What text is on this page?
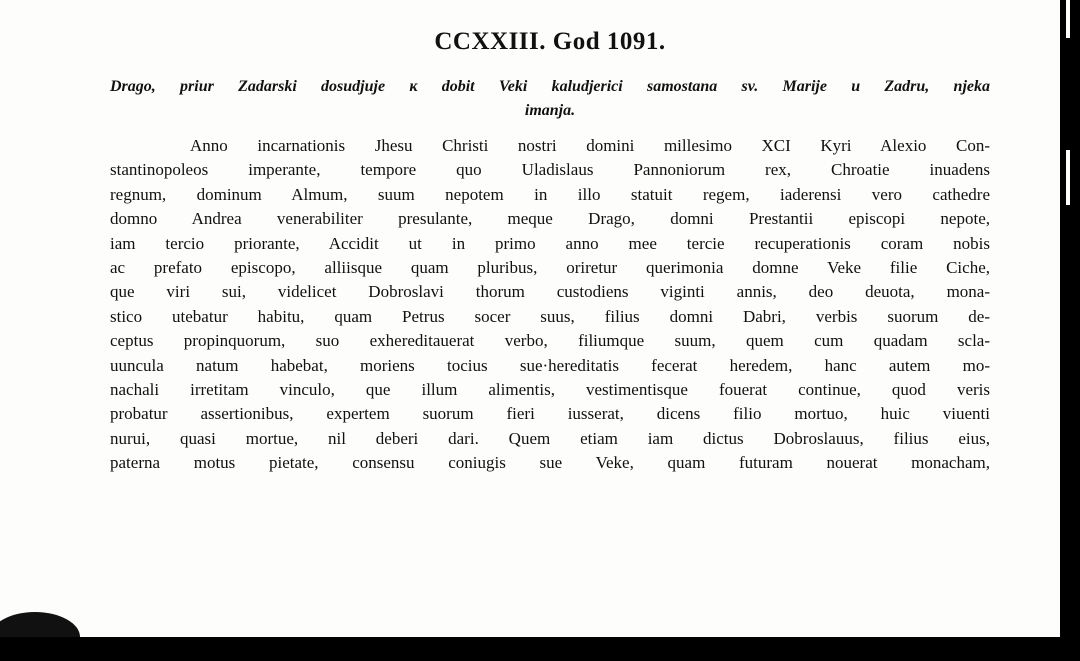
CCXXIII. God 1091.
Drago, priur Zadarski dosudjuje к dobit Veki kaludjerici samostana sv. Marije u Zadru, njeka
imanja.
Anno incarnationis Jhesu Christi nostri domini millesimo XCI Kyri Alexio Con-
stantinopoleos imperante, tempore quo Uladislaus Pannoniorum rex, Chroatie inuadens
regnum, dominum Almum, suum nepotem in illo statuit regem, iaderensi vero cathedre
domno Andrea venerabiliter presulante, meque Drago, domni Prestantii episcopi nepote,
iam tercio priorante, Accidit ut in primo anno mee tercie recuperationis coram nobis
ac prefato episcopo, alliisque quam pluribus, oriretur querimonia domne Veke filie Ciche,
que viri sui, videlicet Dobroslavi thorum custodiens viginti annis, deo deuota, mona-
stico utebatur habitu, quam Petrus socer suus, filius domni Dabri, verbis suorum de-
ceptus propinquorum, suo exhereditauerat verbo, filiumque suum, quem cum quadam scla-
uuncula natum habebat, moriens tocius sue·hereditatis fecerat heredem, hanc autem mo-
nachali irretitam vinculo, que illum alimentis, vestimentisque fouerat continue, quod veris
probatur assertionibus, expertem suorum fieri iusserat, dicens filio mortuo, huic viuenti
nurui, quasi mortue, nil deberi dari. Quem etiam iam dictus Dobroslauus, filius eius,
paterna motus pietate, consensu coniugis sue Veke, quam futuram nouerat monacham,
